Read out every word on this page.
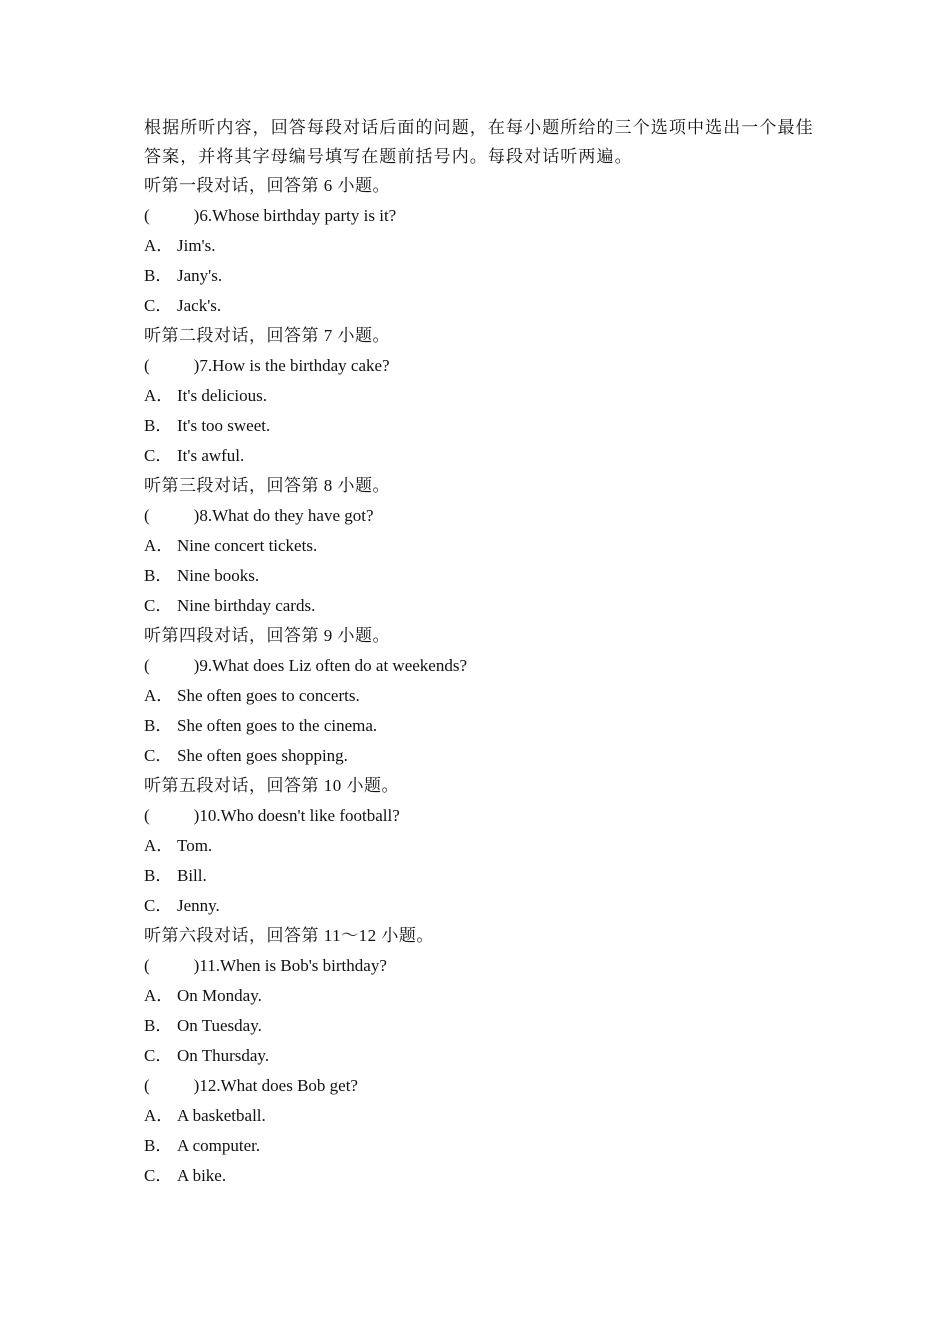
根据所听内容，回答每段对话后面的问题，在每小题所给的三个选项中选出一个最佳答案，并将其字母编号填写在题前括号内。每段对话听两遍。
听第一段对话，回答第 6 小题。
(	)6.Whose birthday party is it?
A． Jim's.
B． Jany's.
C． Jack's.
听第二段对话，回答第 7 小题。
(	)7.How is the birthday cake?
A． It's delicious.
B． It's too sweet.
C． It's awful.
听第三段对话，回答第 8 小题。
(	)8.What do they have got?
A． Nine concert tickets.
B． Nine books.
C． Nine birthday cards.
听第四段对话，回答第 9 小题。
(	)9.What does Liz often do at weekends?
A． She often goes to concerts.
B． She often goes to the cinema.
C． She often goes shopping.
听第五段对话，回答第 10 小题。
(	)10.Who doesn't like football?
A． Tom.
B． Bill.
C． Jenny.
听第六段对话，回答第 11～12 小题。
(	)11.When is Bob's birthday?
A． On Monday.
B． On Tuesday.
C． On Thursday.
(	)12.What does Bob get?
A． A basketball.
B． A computer.
C． A bike.
